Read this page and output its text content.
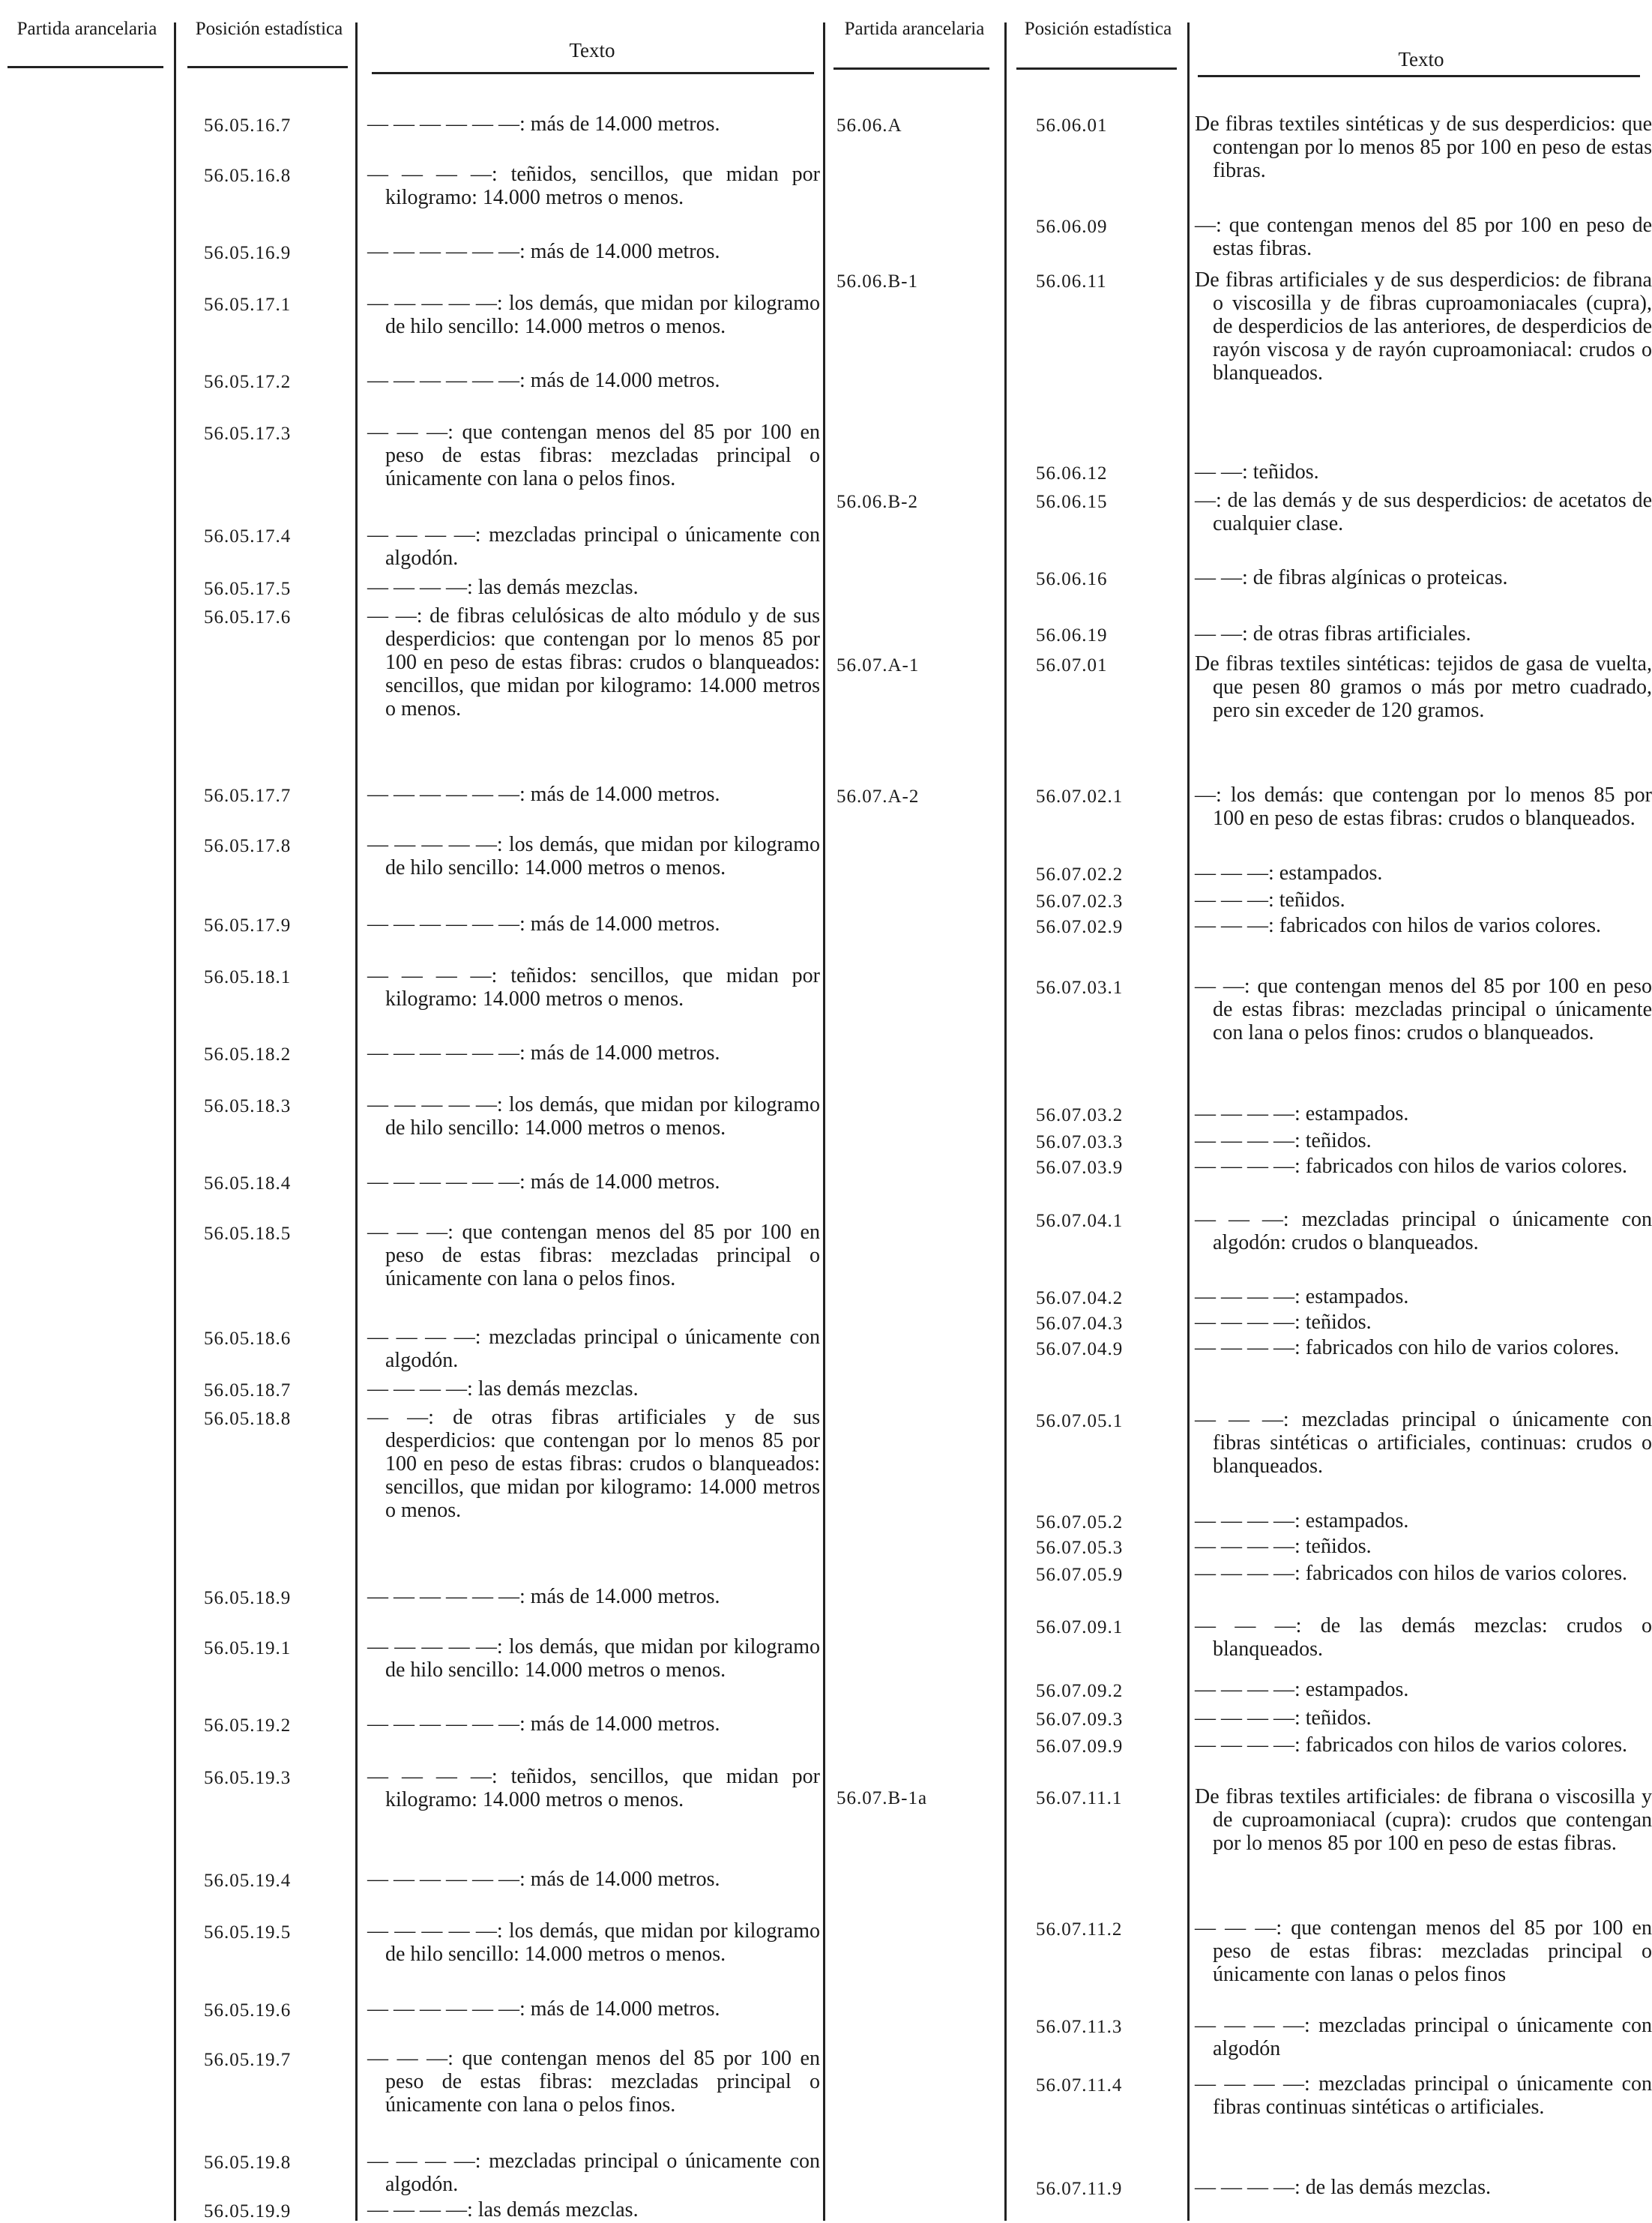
Partida arancelaria	Posición estadística
Texto
Partida arancelaria	Posición estadística
Texto
56.05.16.7	— — — — — —: más de 14.000 metros.
56.05.16.8	— — — —: teñidos, sencillos, que midan por kilogramo: 14.000 metros o menos.
56.05.16.9	— — — — — —: más de 14.000 metros.
56.05.17.1	— — — — —: los demás, que midan por kilogramo de hilo sencillo: 14.000 metros o menos.
56.05.17.2	— — — — — —: más de 14.000 metros.
56.05.17.3	— — —: que contengan menos del 85 por 100 en peso de estas fibras: mezcladas principal o únicamente con lana o pelos finos.
56.05.17.4	— — — —: mezcladas principal o únicamente con algodón.
56.05.17.5	— — — —: las demás mezclas.
56.05.17.6	— —: de fibras celulósicas de alto módulo y de sus desperdicios: que contengan por lo menos 85 por 100 en peso de estas fibras: crudos o blanqueados: sencillos, que midan por kilogramo: 14.000 metros o menos.
56.05.17.7	— — — — — —: más de 14.000 metros.
56.05.17.8	— — — — —: los demás, que midan por kilogramo de hilo sencillo: 14.000 metros o menos.
56.05.17.9	— — — — — —: más de 14.000 metros.
56.05.18.1	— — — —: teñidos: sencillos, que midan por kilogramo: 14.000 metros o menos.
56.05.18.2	— — — — — —: más de 14.000 metros.
56.05.18.3	— — — — —: los demás, que midan por kilogramo de hilo sencillo: 14.000 metros o menos.
56.05.18.4	— — — — — —: más de 14.000 metros.
56.05.18.5	— — —: que contengan menos del 85 por 100 en peso de estas fibras: mezcladas principal o únicamente con lana o pelos finos.
56.05.18.6	— — — —: mezcladas principal o únicamente con algodón.
56.05.18.7	— — — —: las demás mezclas.
56.05.18.8	— —: de otras fibras artificiales y de sus desperdicios: que contengan por lo menos 85 por 100 en peso de estas fibras: crudos o blanqueados: sencillos, que midan por kilogramo: 14.000 metros o menos.
56.05.18.9	— — — — — —: más de 14.000 metros.
56.05.19.1	— — — — —: los demás, que midan por kilogramo de hilo sencillo: 14.000 metros o menos.
56.05.19.2	— — — — — —: más de 14.000 metros.
56.05.19.3	— — — —: teñidos, sencillos, que midan por kilogramo: 14.000 metros o menos.
56.05.19.4	— — — — — —: más de 14.000 metros.
56.05.19.5	— — — — —: los demás, que midan por kilogramo de hilo sencillo: 14.000 metros o menos.
56.05.19.6	— — — — — —: más de 14.000 metros.
56.05.19.7	— — —: que contengan menos del 85 por 100 en peso de estas fibras: mezcladas principal o únicamente con lana o pelos finos.
56.05.19.8	— — — —: mezcladas principal o únicamente con algodón.
56.05.19.9	— — — —: las demás mezclas.
56.06.A	56.06.01	De fibras textiles sintéticas y de sus desperdicios: que contengan por lo menos 85 por 100 en peso de estas fibras.
56.06.09	—: que contengan menos del 85 por 100 en peso de estas fibras.
56.06.B-1	56.06.11	De fibras artificiales y de sus desperdicios: de fibrana o viscosilla y de fibras cuproamoniacales (cupra), de desperdicios de las anteriores, de desperdicios de rayón viscosa y de rayón cuproamoniacal: crudos o blanqueados.
56.06.12	— —: teñidos.
56.06.B-2	56.06.15	—: de las demás y de sus desperdicios: de acetatos de cualquier clase.
56.06.16	— —: de fibras algínicas o proteicas.
56.06.19	— —: de otras fibras artificiales.
56.07.A-1	56.07.01	De fibras textiles sintéticas: tejidos de gasa de vuelta, que pesen 80 gramos o más por metro cuadrado, pero sin exceder de 120 gramos.
56.07.A-2	56.07.02.1	—: los demás: que contengan por lo menos 85 por 100 en peso de estas fibras: crudos o blanqueados.
56.07.02.2	— — —: estampados.
56.07.02.3	— — —: teñidos.
56.07.02.9	— — —: fabricados con hilos de varios colores.
56.07.03.1	— —: que contengan menos del 85 por 100 en peso de estas fibras: mezcladas principal o únicamente con lana o pelos finos: crudos o blanqueados.
56.07.03.2	— — — —: estampados.
56.07.03.3	— — — —: teñidos.
56.07.03.9	— — — —: fabricados con hilos de varios colores.
56.07.04.1	— — —: mezcladas principal o únicamente con algodón: crudos o blanqueados.
56.07.04.2	— — — —: estampados.
56.07.04.3	— — — —: teñidos.
56.07.04.9	— — — —: fabricados con hilo de varios colores.
56.07.05.1	— — —: mezcladas principal o únicamente con fibras sintéticas o artificiales, continuas: crudos o blanqueados.
56.07.05.2	— — — —: estampados.
56.07.05.3	— — — —: teñidos.
56.07.05.9	— — — —: fabricados con hilos de varios colores.
56.07.09.1	— — —: de las demás mezclas: crudos o blanqueados.
56.07.09.2	— — — —: estampados.
56.07.09.3	— — — —: teñidos.
56.07.09.9	— — — —: fabricados con hilos de varios colores.
56.07.B-1a	56.07.11.1	De fibras textiles artificiales: de fibrana o viscosilla y de cuproamoniacal (cupra): crudos que contengan por lo menos 85 por 100 en peso de estas fibras.
56.07.11.2	— — —: que contengan menos del 85 por 100 en peso de estas fibras: mezcladas principal o únicamente con lanas o pelos finos
56.07.11.3	— — — —: mezcladas principal o únicamente con algodón
56.07.11.4	— — — —: mezcladas principal o únicamente con fibras continuas sintéticas o artificiales.
56.07.11.9	— — — —: de las demás mezclas.
